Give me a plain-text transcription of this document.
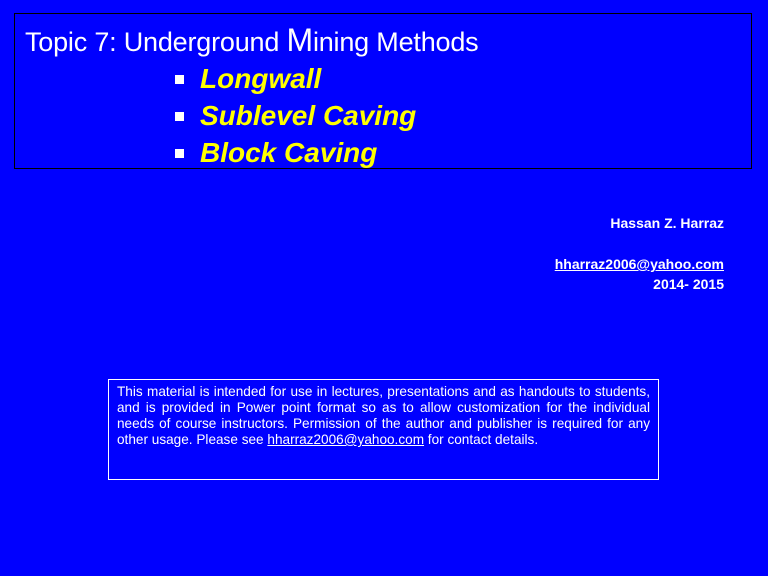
Topic 7: Underground Mining Methods
Longwall
Sublevel Caving
Block Caving
Hassan Z. Harraz
hharraz2006@yahoo.com
2014- 2015

This material is intended for use in lectures, presentations and as handouts to students, and is provided in Power point format so as to allow customization for the individual needs of course instructors. Permission of the author and publisher is required for any other usage. Please see hharraz2006@yahoo.com for contact details.
